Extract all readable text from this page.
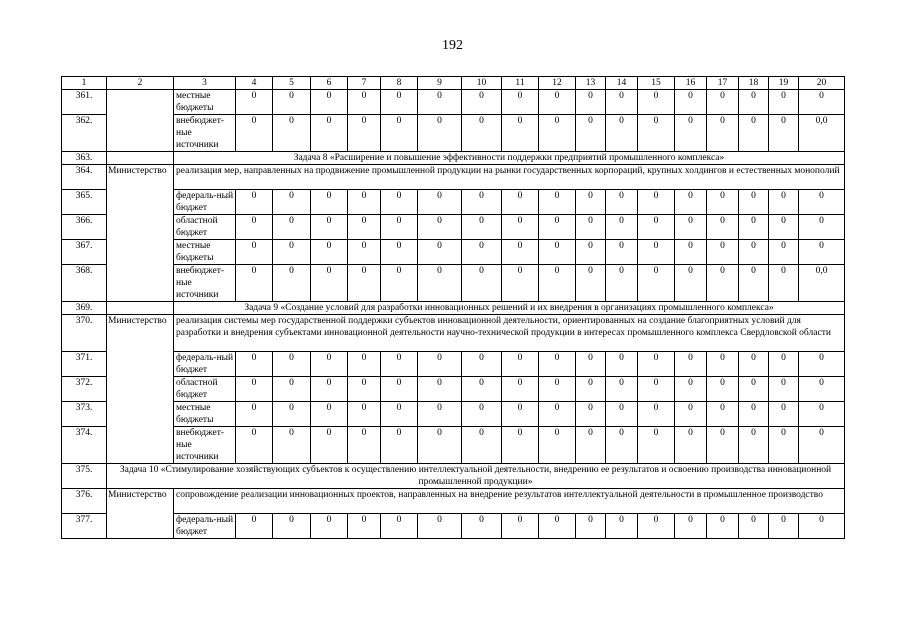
192
1	2	3	4	5	6	7	8	9	10	11	12	13	14	15	16	17	18	19	20
361.		местные бюджеты	0	0	0	0	0	0	0	0	0	0	0	0	0	0	0	0	0
362.		внебюджет-ные источники	0	0	0	0	0	0	0	0	0	0	0	0	0	0	0	0	0,0
363.		Задача 8 «Расширение и повышение эффективности поддержки предприятий промышленного комплекса»																	
364.	Министерство	реализация мер, направленных на продвижение промышленной продукции на рынки государственных корпораций, крупных холдингов и естественных монополий																	
365.		федераль-ный бюджет	0	0	0	0	0	0	0	0	0	0	0	0	0	0	0	0	0
366.		областной бюджет	0	0	0	0	0	0	0	0	0	0	0	0	0	0	0	0	0
367.		местные бюджеты	0	0	0	0	0	0	0	0	0	0	0	0	0	0	0	0	0
368.		внебюджет-ные источники	0	0	0	0	0	0	0	0	0	0	0	0	0	0	0	0	0,0
369.		Задача 9 «Создание условий для разработки инновационных решений и их внедрения в организациях промышленного комплекса»																	
370.	Министерство	реализация системы мер государственной поддержки субъектов инновационной деятельности, ориентированных на создание благоприятных условий для разработки и внедрения субъектами инновационной деятельности научно-технической продукции в интересах промышленного комплекса Свердловской области																	
371.		федераль-ный бюджет	0	0	0	0	0	0	0	0	0	0	0	0	0	0	0	0	0
372.		областной бюджет	0	0	0	0	0	0	0	0	0	0	0	0	0	0	0	0	0
373.		местные бюджеты	0	0	0	0	0	0	0	0	0	0	0	0	0	0	0	0	0
374.		внебюджет-ные источники	0	0	0	0	0	0	0	0	0	0	0	0	0	0	0	0	0
375.	Задача 10 «Стимулирование хозяйствующих субъектов к осуществлению интеллектуальной деятельности, внедрению ее результатов и освоению производства инновационной промышленной продукции»																		
376.	Министерство	сопровождение реализации инновационных проектов, направленных на внедрение результатов интеллектуальной деятельности в промышленное производство																	
377.		федераль-ный бюджет	0	0	0	0	0	0	0	0	0	0	0	0	0	0	0	0	0
